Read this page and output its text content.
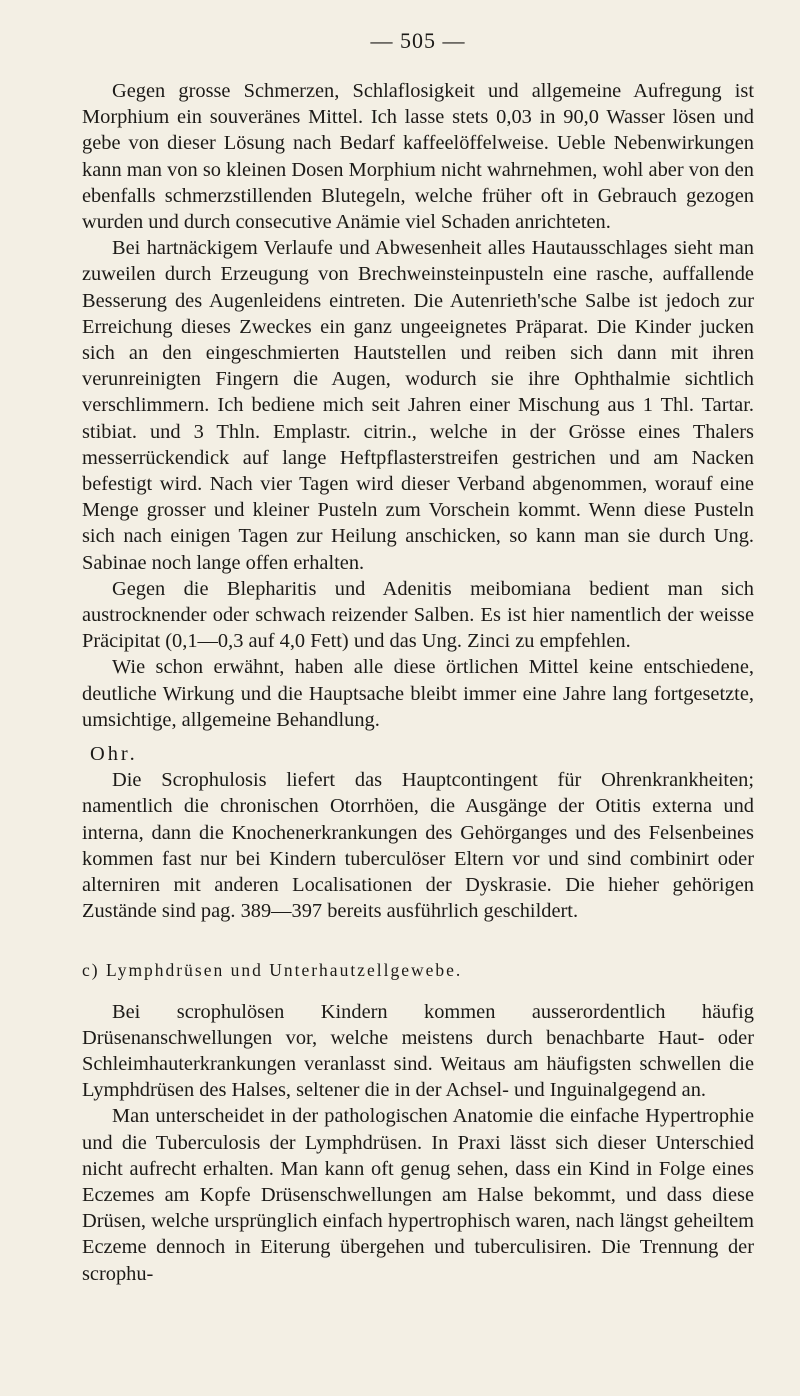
— 505 —

Gegen grosse Schmerzen, Schlaflosigkeit und allgemeine Aufregung ist Morphium ein souveränes Mittel. Ich lasse stets 0,03 in 90,0 Wasser lösen und gebe von dieser Lösung nach Bedarf kaffeelöffelweise. Ueble Nebenwirkungen kann man von so kleinen Dosen Morphium nicht wahrnehmen, wohl aber von den ebenfalls schmerzstillenden Blutegeln, welche früher oft in Gebrauch gezogen wurden und durch consecutive Anämie viel Schaden anrichteten.

Bei hartnäckigem Verlaufe und Abwesenheit alles Hautausschlages sieht man zuweilen durch Erzeugung von Brechweinsteinpusteln eine rasche, auffallende Besserung des Augenleidens eintreten. Die Autenrieth'sche Salbe ist jedoch zur Erreichung dieses Zweckes ein ganz ungeeignetes Präparat. Die Kinder jucken sich an den eingeschmierten Hautstellen und reiben sich dann mit ihren verunreinigten Fingern die Augen, wodurch sie ihre Ophthalmie sichtlich verschlimmern. Ich bediene mich seit Jahren einer Mischung aus 1 Thl. Tartar. stibiat. und 3 Thln. Emplastr. citrin., welche in der Grösse eines Thalers messerrückendick auf lange Heftpflasterstreifen gestrichen und am Nacken befestigt wird. Nach vier Tagen wird dieser Verband abgenommen, worauf eine Menge grosser und kleiner Pusteln zum Vorschein kommt. Wenn diese Pusteln sich nach einigen Tagen zur Heilung anschicken, so kann man sie durch Ung. Sabinae noch lange offen erhalten.

Gegen die Blepharitis und Adenitis meibomiana bedient man sich austrocknender oder schwach reizender Salben. Es ist hier namentlich der weisse Präcipitat (0,1—0,3 auf 4,0 Fett) und das Ung. Zinci zu empfehlen.

Wie schon erwähnt, haben alle diese örtlichen Mittel keine entschiedene, deutliche Wirkung und die Hauptsache bleibt immer eine Jahre lang fortgesetzte, umsichtige, allgemeine Behandlung.

Ohr.

Die Scrophulosis liefert das Hauptcontingent für Ohrenkrankheiten; namentlich die chronischen Otorrhöen, die Ausgänge der Otitis externa und interna, dann die Knochenerkrankungen des Gehörganges und des Felsenbeines kommen fast nur bei Kindern tuberculöser Eltern vor und sind combinirt oder alterniren mit anderen Localisationen der Dyskrasie. Die hieher gehörigen Zustände sind pag. 389—397 bereits ausführlich geschildert.

c) Lymphdrüsen und Unterhautzellgewebe.

Bei scrophulösen Kindern kommen ausserordentlich häufig Drüsenanschwellungen vor, welche meistens durch benachbarte Haut- oder Schleimhauterkrankungen veranlasst sind. Weitaus am häufigsten schwellen die Lymphdrüsen des Halses, seltener die in der Achsel- und Inguinalgegend an.

Man unterscheidet in der pathologischen Anatomie die einfache Hypertrophie und die Tuberculosis der Lymphdrüsen. In Praxi lässt sich dieser Unterschied nicht aufrecht erhalten. Man kann oft genug sehen, dass ein Kind in Folge eines Eczemes am Kopfe Drüsenschwellungen am Halse bekommt, und dass diese Drüsen, welche ursprünglich einfach hypertrophisch waren, nach längst geheiltem Eczeme dennoch in Eiterung übergehen und tuberculisiren. Die Trennung der scrophu-
